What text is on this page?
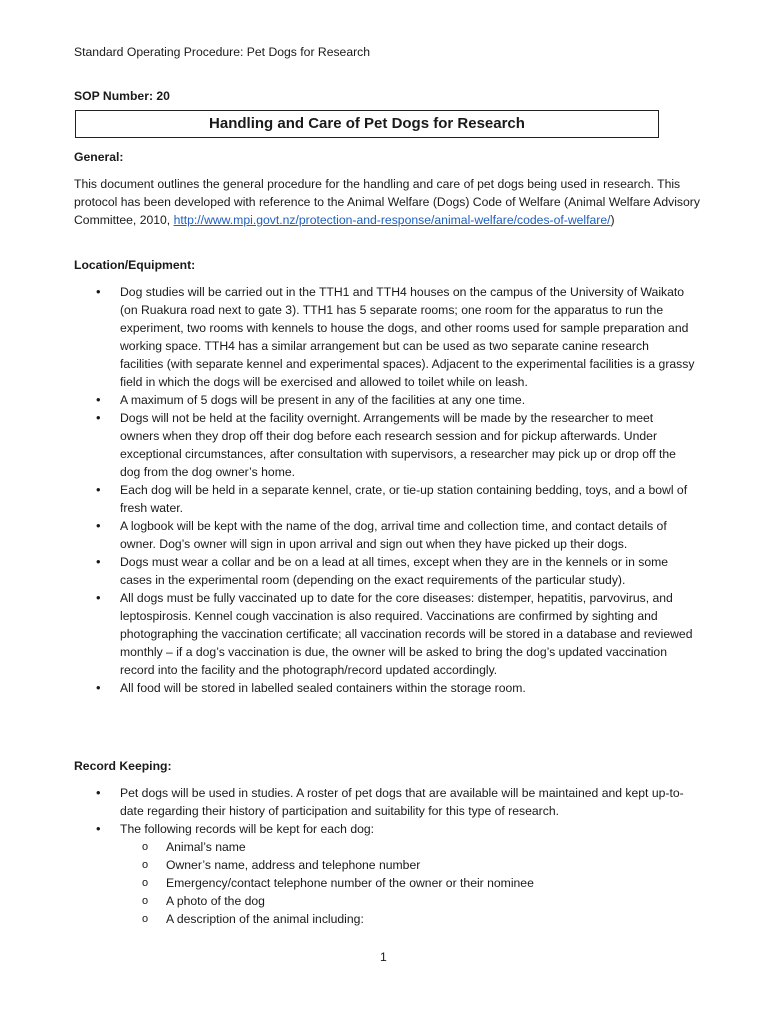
Standard Operating Procedure: Pet Dogs for Research
SOP Number: 20
Handling and Care of Pet Dogs for Research
General:
This document outlines the general procedure for the handling and care of pet dogs being used in research. This protocol has been developed with reference to the Animal Welfare (Dogs) Code of Welfare (Animal Welfare Advisory Committee, 2010, http://www.mpi.govt.nz/protection-and-response/animal-welfare/codes-of-welfare/)
Location/Equipment:
• Dog studies will be carried out in the TTH1 and TTH4 houses on the campus of the University of Waikato (on Ruakura road next to gate 3). TTH1 has 5 separate rooms; one room for the apparatus to run the experiment, two rooms with kennels to house the dogs, and other rooms used for sample preparation and working space. TTH4 has a similar arrangement but can be used as two separate canine research facilities (with separate kennel and experimental spaces). Adjacent to the experimental facilities is a grassy field in which the dogs will be exercised and allowed to toilet while on leash.
• A maximum of 5 dogs will be present in any of the facilities at any one time.
• Dogs will not be held at the facility overnight. Arrangements will be made by the researcher to meet owners when they drop off their dog before each research session and for pickup afterwards. Under exceptional circumstances, after consultation with supervisors, a researcher may pick up or drop off the dog from the dog owner’s home.
• Each dog will be held in a separate kennel, crate, or tie-up station containing bedding, toys, and a bowl of fresh water.
• A logbook will be kept with the name of the dog, arrival time and collection time, and contact details of owner. Dog’s owner will sign in upon arrival and sign out when they have picked up their dogs.
• Dogs must wear a collar and be on a lead at all times, except when they are in the kennels or in some cases in the experimental room (depending on the exact requirements of the particular study).
• All dogs must be fully vaccinated up to date for the core diseases: distemper, hepatitis, parvovirus, and leptospirosis. Kennel cough vaccination is also required. Vaccinations are confirmed by sighting and photographing the vaccination certificate; all vaccination records will be stored in a database and reviewed monthly – if a dog’s vaccination is due, the owner will be asked to bring the dog’s updated vaccination record into the facility and the photograph/record updated accordingly.
• All food will be stored in labelled sealed containers within the storage room.
Record Keeping:
• Pet dogs will be used in studies. A roster of pet dogs that are available will be maintained and kept up-to-date regarding their history of participation and suitability for this type of research.
• The following records will be kept for each dog:
o Animal’s name
o Owner’s name, address and telephone number
o Emergency/contact telephone number of the owner or their nominee
o A photo of the dog
o A description of the animal including:
1
